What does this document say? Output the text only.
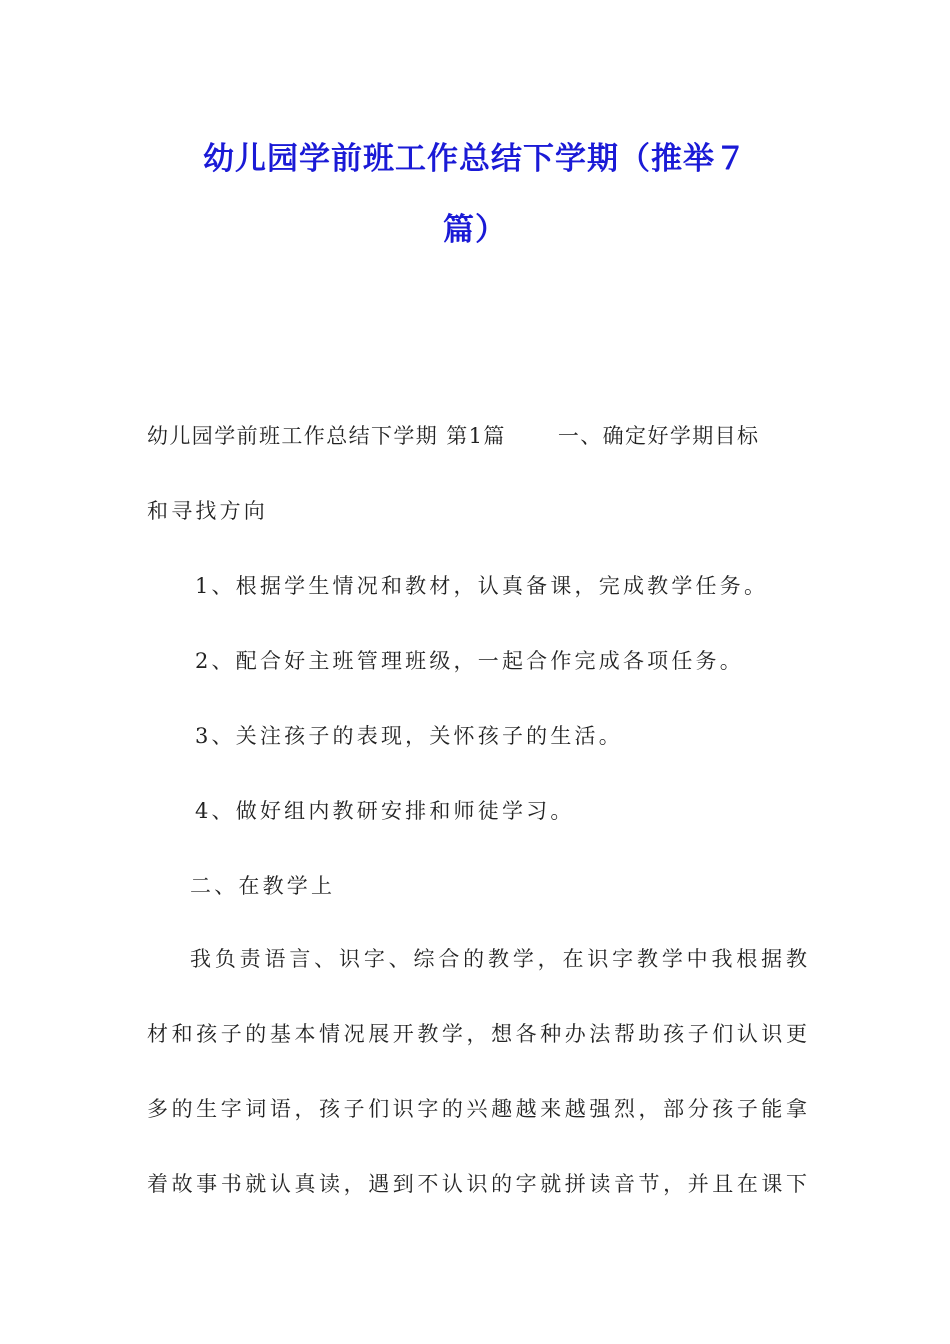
幼儿园学前班工作总结下学期（推举７
篇）
幼儿园学前班工作总结下学期 第1篇 一、确定好学期目标
和寻找方向
1、根据学生情况和教材，认真备课，完成教学任务。
2、配合好主班管理班级，一起合作完成各项任务。
3、关注孩子的表现，关怀孩子的生活。
4、做好组内教研安排和师徒学习。
二、在教学上
我负责语言、识字、综合的教学，在识字教学中我根据教
材和孩子的基本情况展开教学，想各种办法帮助孩子们认识更
多的生字词语，孩子们识字的兴趣越来越强烈，部分孩子能拿
着故事书就认真读，遇到不认识的字就拼读音节，并且在课下
